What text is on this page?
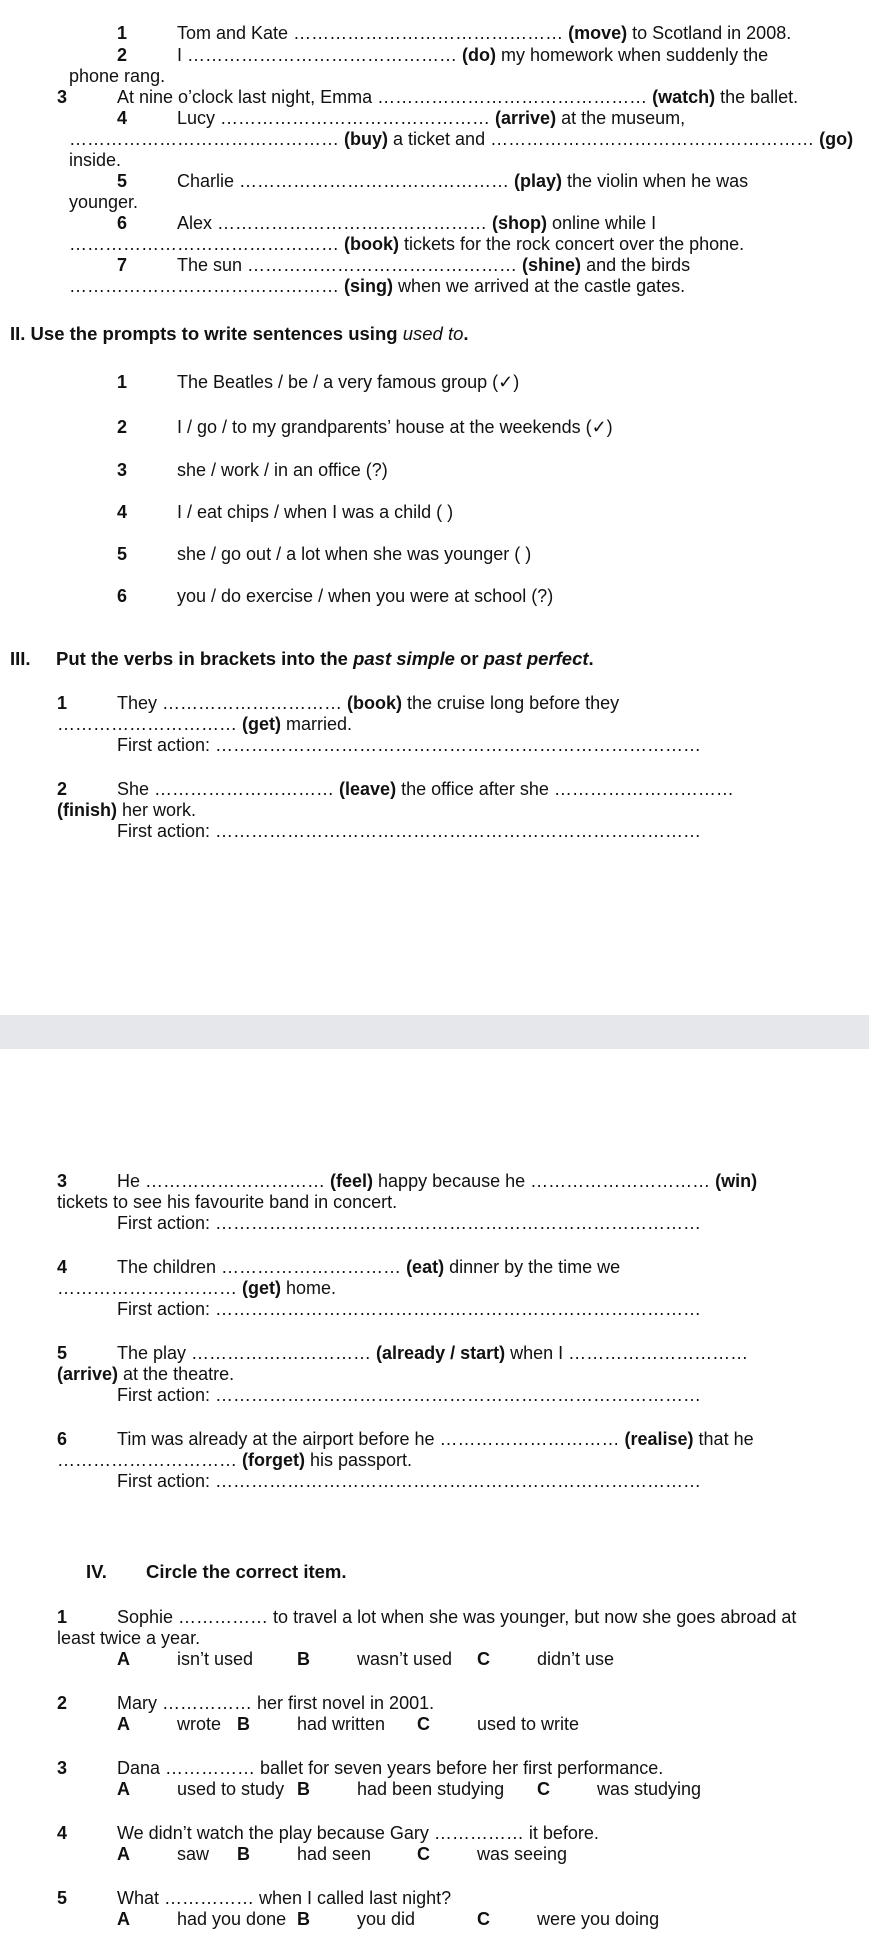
1	Tom and Kate ……………………………………… (move) to Scotland in 2008.
2	I ……………………………………… (do) my homework when suddenly the
phone rang.
3	At nine o’clock last night, Emma ……………………………………… (watch) the ballet.
4	Lucy ……………………………………… (arrive) at the museum,
……………………………………… (buy) a ticket and ……………………………………………… (go)
inside.
5	Charlie ……………………………………… (play) the violin when he was
younger.
6	Alex ……………………………………… (shop) online while I
……………………………………… (book) tickets for the rock concert over the phone.
7	The sun ……………………………………… (shine) and the birds
……………………………………… (sing) when we arrived at the castle gates.
II. Use the prompts to write sentences using used to.
1	The Beatles / be / a very famous group (✓)
2	I / go / to my grandparents’ house at the weekends (✓)
3	she / work / in an office (?)
4	I / eat chips / when I was a child ( )
5	she / go out / a lot when she was younger ( )
6	you / do exercise / when you were at school (?)
III. Put the verbs in brackets into the past simple or past perfect.
1	They ………………………… (book) the cruise long before they
………………………… (get) married.
First action: ………………………………………………………………………
2	She ………………………… (leave) the office after she …………………………
(finish) her work.
First action: ………………………………………………………………………
3	He ………………………… (feel) happy because he ………………………… (win)
tickets to see his favourite band in concert.
First action: ………………………………………………………………………
4	The children ………………………… (eat) dinner by the time we
………………………… (get) home.
First action: ………………………………………………………………………
5	The play ………………………… (already / start) when I …………………………
(arrive) at the theatre.
First action: ………………………………………………………………………
6	Tim was already at the airport before he ………………………… (realise) that he
………………………… (forget) his passport.
First action: ………………………………………………………………………
IV. Circle the correct item.
1	Sophie …………… to travel a lot when she was younger, but now she goes abroad at
least twice a year.
A	isn’t used B	wasn’t used C	didn’t use
2	Mary …………… her first novel in 2001.
A	wrote B	had written C	used to write
3	Dana …………… ballet for seven years before her first performance.
A	used to study B	had been studying C	was studying
4	We didn’t watch the play because Gary …………… it before.
A	saw B	had seen	C	was seeing
5	What …………… when I called last night?
A	had you done B	you did	C	were you doing
